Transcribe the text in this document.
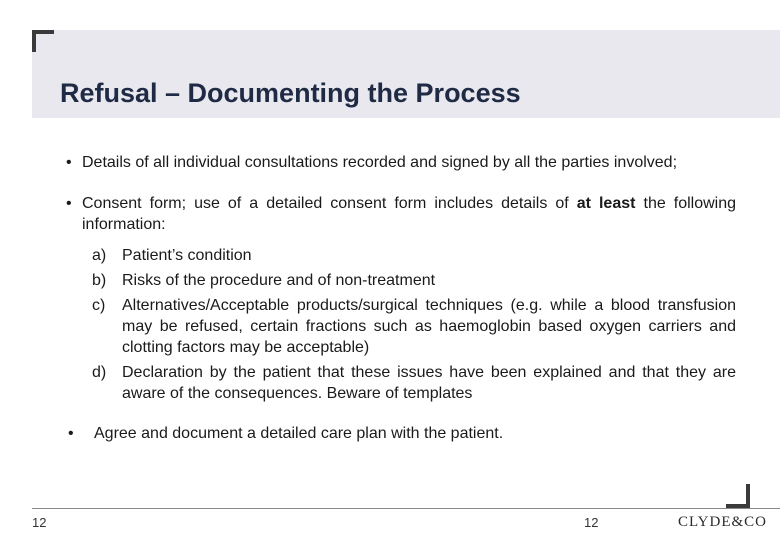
Refusal – Documenting the Process
• Details of all individual consultations recorded and signed by all the parties involved;
• Consent form; use of a detailed consent form includes details of at least the following information:
a) Patient’s condition
b) Risks of the procedure and of non-treatment
c) Alternatives/Acceptable products/surgical techniques (e.g. while a blood transfusion may be refused, certain fractions such as haemoglobin based oxygen carriers and clotting factors may be acceptable)
d) Declaration by the patient that these issues have been explained and that they are aware of the consequences. Beware of templates
• Agree and document a detailed care plan with the patient.
12	12	CLYDE&CO
